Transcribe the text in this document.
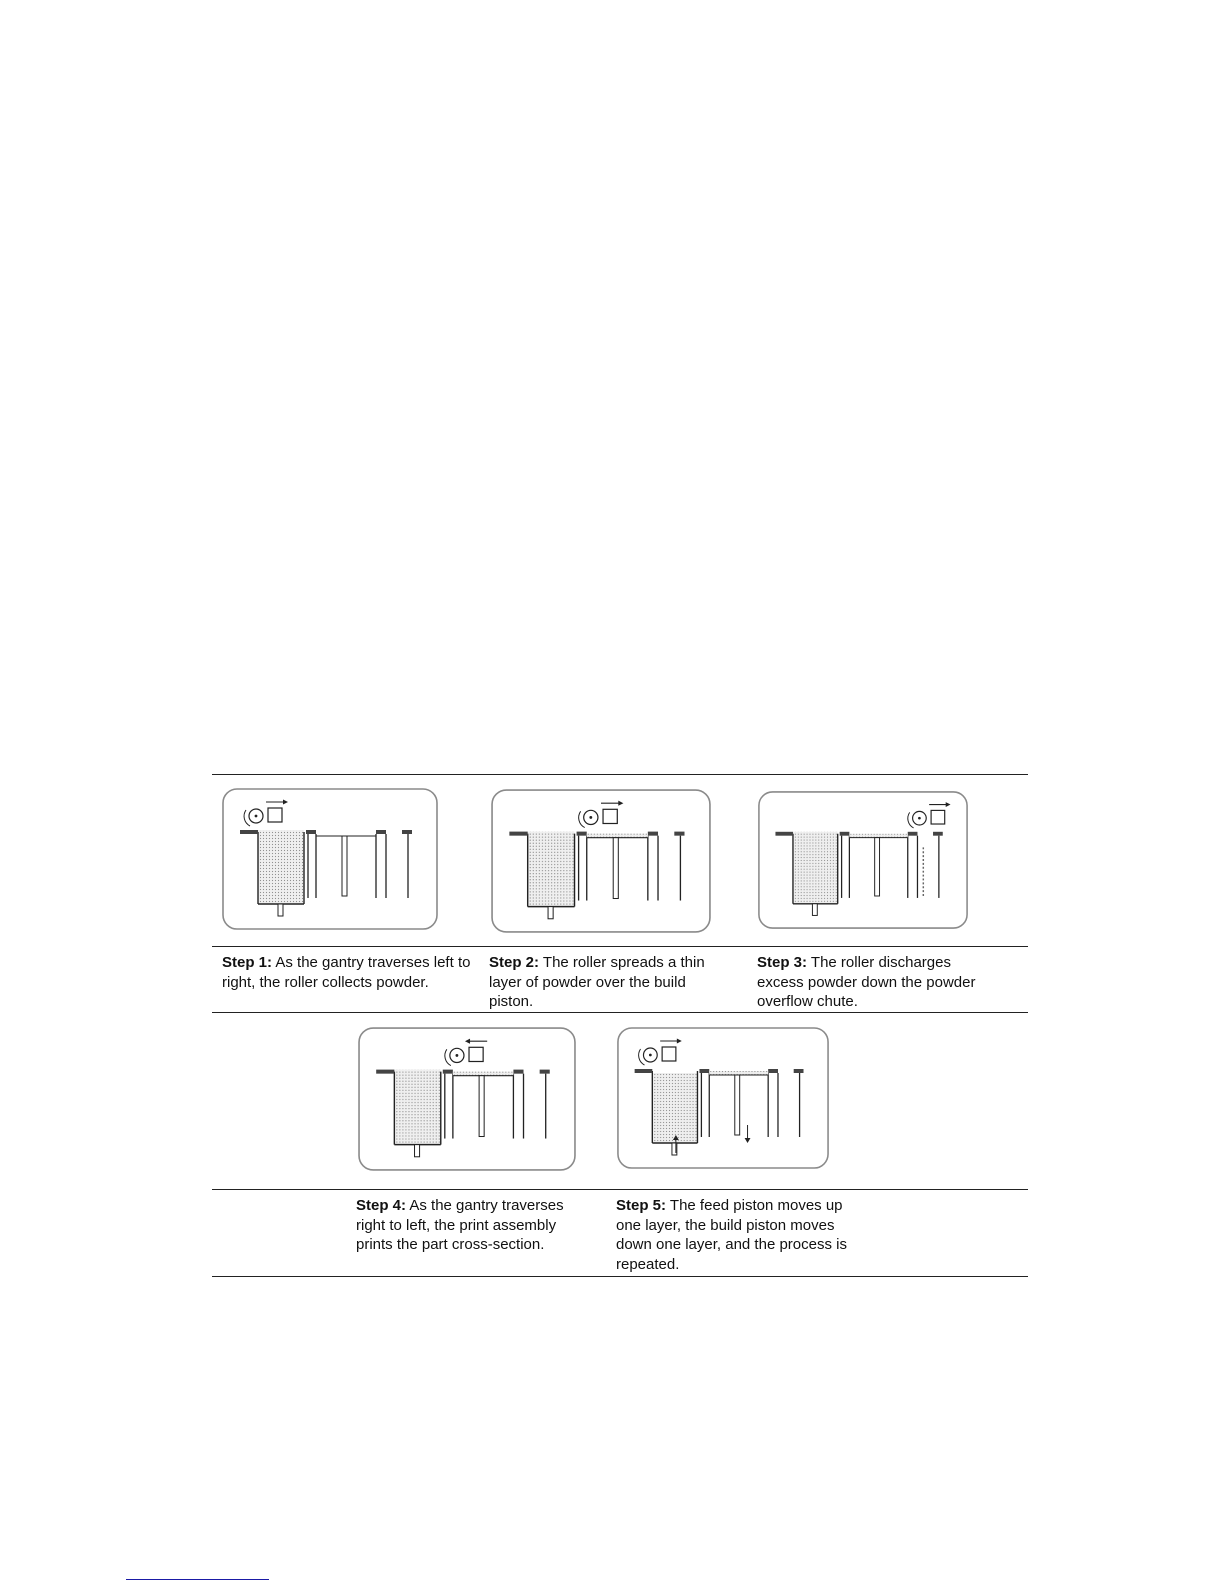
Step 1: As the gantry traverses left to right, the roller collects powder.
Step 2: The roller spreads a thin layer of powder over the build piston.
Step 3: The roller discharges excess powder down the powder overflow chute.
Step 4: As the gantry traverses right to left, the print assembly prints the part cross-section.
Step 5: The feed piston moves up one layer, the build piston moves down one layer, and the process is repeated.
